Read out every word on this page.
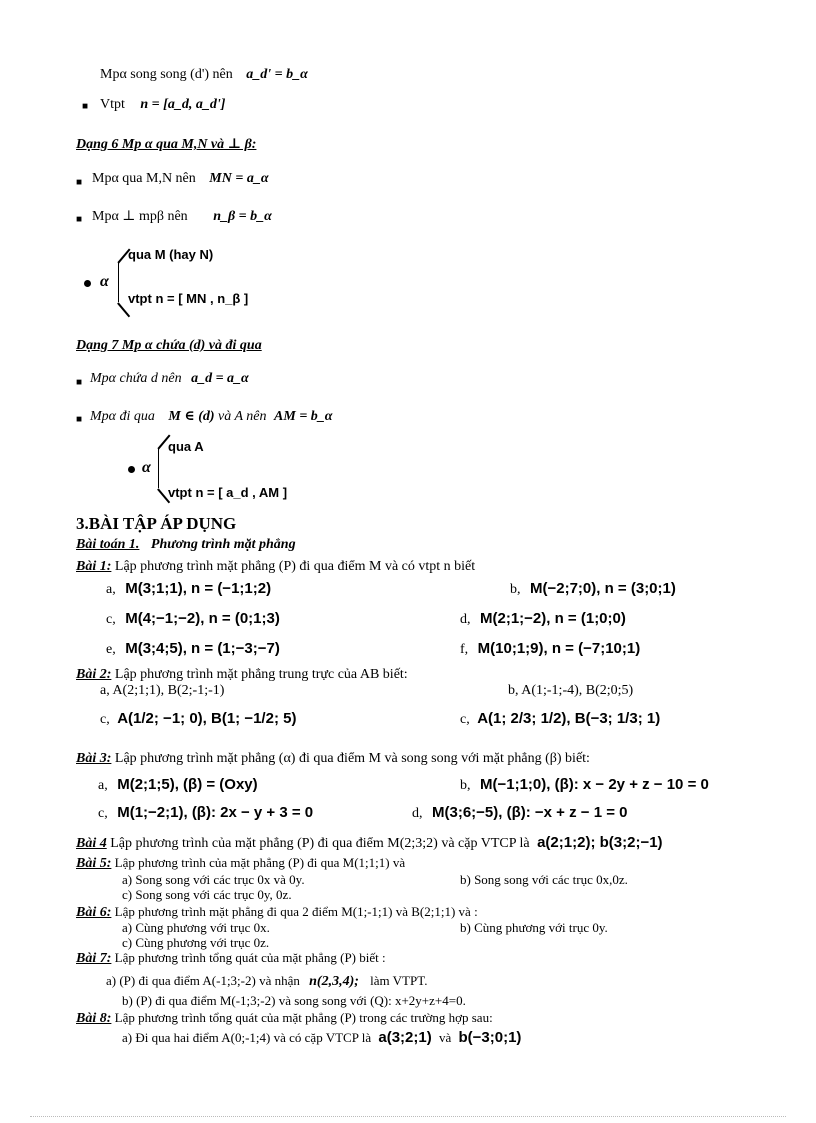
Mpα song song (d') nên a_d' = b_α
■ Vtpt n = [a_d, a_d']
Dạng 6 Mp α qua M,N và ⊥ β:
■ Mpα qua M,N nên MN = a_α
■ Mpα ⊥ mpβ nên n_β = b_α
α
qua M (hay N)
vtpt n = [ MN , n_β ]
Dạng 7 Mp α chứa (d) và đi qua
■ Mpα chứa d nên a_d = a_α
■ Mpα đi qua M ∈ (d) và A nên AM = b_α
α
qua A
vtpt n = [ a_d , AM ]
3.BÀI TẬP ÁP DỤNG
Bài toán 1. Phương trình mặt phẳng
Bài 1: Lập phương trình mặt phẳng (P) đi qua điểm M và có vtpt n biết
a, M(3;1;1), n = (−1;1;2)	b, M(−2;7;0), n = (3;0;1)
c, M(4;−1;−2), n = (0;1;3)	d, M(2;1;−2), n = (1;0;0)
e, M(3;4;5), n = (1;−3;−7)	f, M(10;1;9), n = (−7;10;1)
Bài 2: Lập phương trình mặt phẳng trung trực của AB biết:
a, A(2;1;1), B(2;-1;-1)	b, A(1;-1;-4), B(2;0;5)
c, A(1/2; −1; 0), B(1; −1/2; 5)	c, A(1; 2/3; 1/2), B(−3; 1/3; 1)
Bài 3: Lập phương trình mặt phẳng (α) đi qua điểm M và song song với mặt phẳng (β) biết:
a, M(2;1;5), (β) = (Oxy)	b, M(−1;1;0), (β): x − 2y + z − 10 = 0
c, M(1;−2;1), (β): 2x − y + 3 = 0	d, M(3;6;−5), (β): −x + z − 1 = 0
Bài 4 Lập phương trình của mặt phẳng (P) đi qua điểm M(2;3;2) và cặp VTCP là a(2;1;2); b(3;2;−1)
Bài 5: Lập phương trình của mặt phẳng (P) đi qua M(1;1;1) và
a) Song song với các trục 0x và 0y.	b) Song song với các trục 0x,0z.
c) Song song với các trục 0y, 0z.
Bài 6: Lập phương trình mặt phẳng đi qua 2 điểm M(1;-1;1) và B(2;1;1) và :
a) Cùng phương với trục 0x.	b) Cùng phương với trục 0y.
c) Cùng phương với trục 0z.
Bài 7: Lập phương trình tổng quát của mặt phẳng (P) biết :
a) (P) đi qua điểm A(-1;3;-2) và nhận n(2,3,4); làm VTPT.
b) (P) đi qua điểm M(-1;3;-2) và song song với (Q): x+2y+z+4=0.
Bài 8: Lập phương trình tổng quát của mặt phẳng (P) trong các trường hợp sau:
a) Đi qua hai điểm A(0;-1;4) và có cặp VTCP là a(3;2;1) và b(−3;0;1)
